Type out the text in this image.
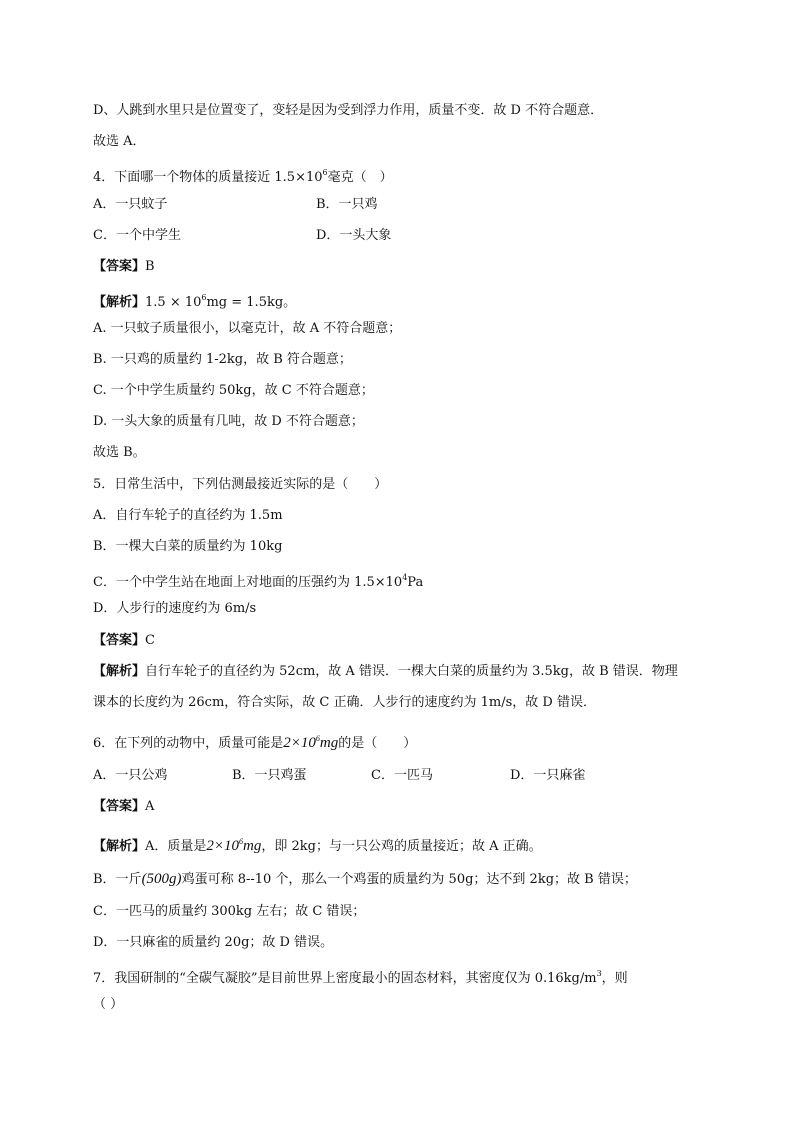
D、人跳到水里只是位置变了，变轻是因为受到浮力作用，质量不变．故 D 不符合题意．
故选 A．
4．下面哪一个物体的质量接近 $1.5\times 10^6$毫克（　）
A．一只蚊子	B．一只鸡
C．一个中学生	D．一头大象
【答案】B
【解析】$1.5 \times 10^6mg = 1.5kg$。
A. 一只蚊子质量很小，以毫克计，故 A 不符合题意；
B. 一只鸡的质量约 1-2kg，故 B 符合题意；
C. 一个中学生质量约 50kg，故 C 不符合题意；
D. 一头大象的质量有几吨，故 D 不符合题意；
故选 B。
5．日常生活中，下列估测最接近实际的是（　　）
A．自行车轮子的直径约为 1.5m
B．一棵大白菜的质量约为 10kg
C．一个中学生站在地面上对地面的压强约为 $1.5\times 10^4Pa$
D．人步行的速度约为 6m/s
【答案】C
【解析】自行车轮子的直径约为 52cm，故 A 错误．一棵大白菜的质量约为 3.5kg，故 B 错误．物理
课本的长度约为 26cm，符合实际，故 C 正确．人步行的速度约为 1m/s，故 D 错误．
6．在下列的动物中，质量可能是$2\times 10^6mg$的是（　　）
A．一只公鸡	B．一只鸡蛋	C．一匹马	D．一只麻雀
【答案】A
【解析】A．质量是$2\times 10^6mg$，即 2kg；与一只公鸡的质量接近；故 A 正确。
B．一斤(500g)鸡蛋可称 8--10 个，那么一个鸡蛋的质量约为 50g；达不到 2kg；故 B 错误；
C．一匹马的质量约 300kg 左右；故 C 错误；
D．一只麻雀的质量约 20g；故 D 错误。
7．我国研制的“全碳气凝胶”是目前世界上密度最小的固态材料，其密度仅为 $0.16kg/m^3$，则
（ ）
